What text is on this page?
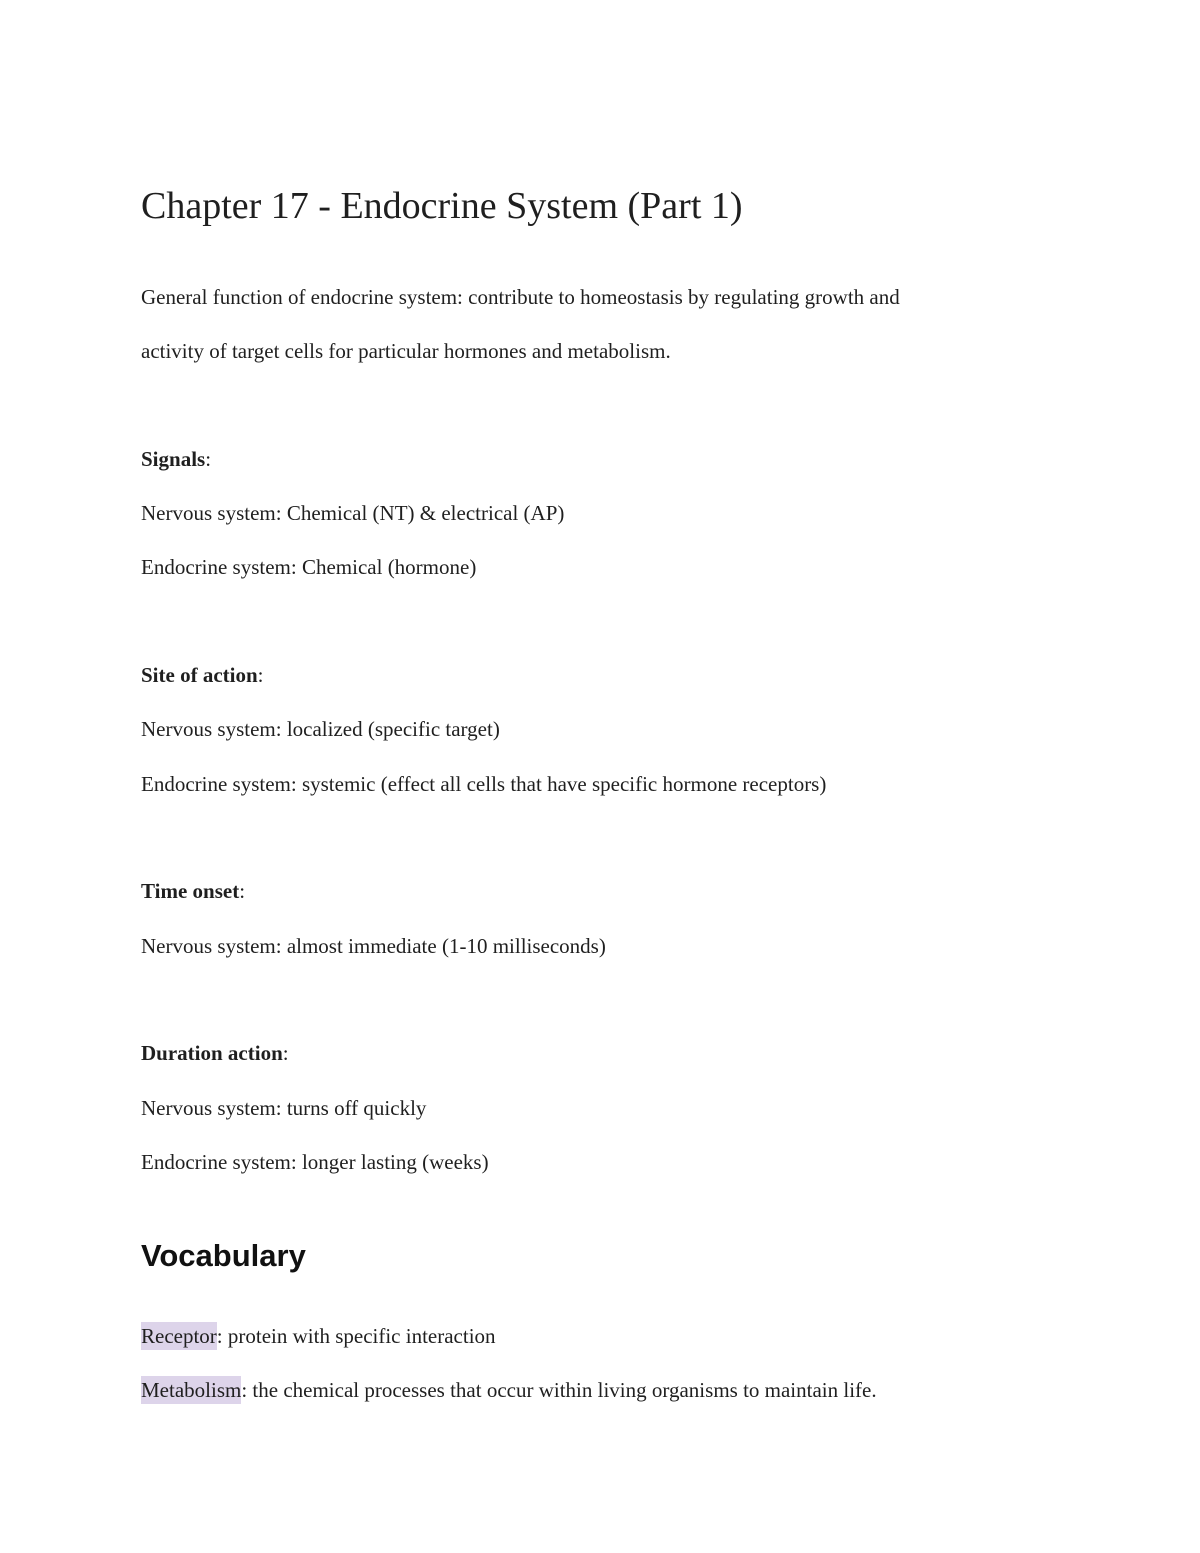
Chapter 17 - Endocrine System (Part 1)
General function of endocrine system: contribute to homeostasis by regulating growth and
activity of target cells for particular hormones and metabolism.
Signals:
Nervous system: Chemical (NT) & electrical (AP)
Endocrine system: Chemical (hormone)
Site of action:
Nervous system: localized (specific target)
Endocrine system: systemic (effect all cells that have specific hormone receptors)
Time onset:
Nervous system: almost immediate (1-10 milliseconds)
Duration action:
Nervous system: turns off quickly
Endocrine system: longer lasting (weeks)
Vocabulary
Receptor: protein with specific interaction
Metabolism: the chemical processes that occur within living organisms to maintain life.
